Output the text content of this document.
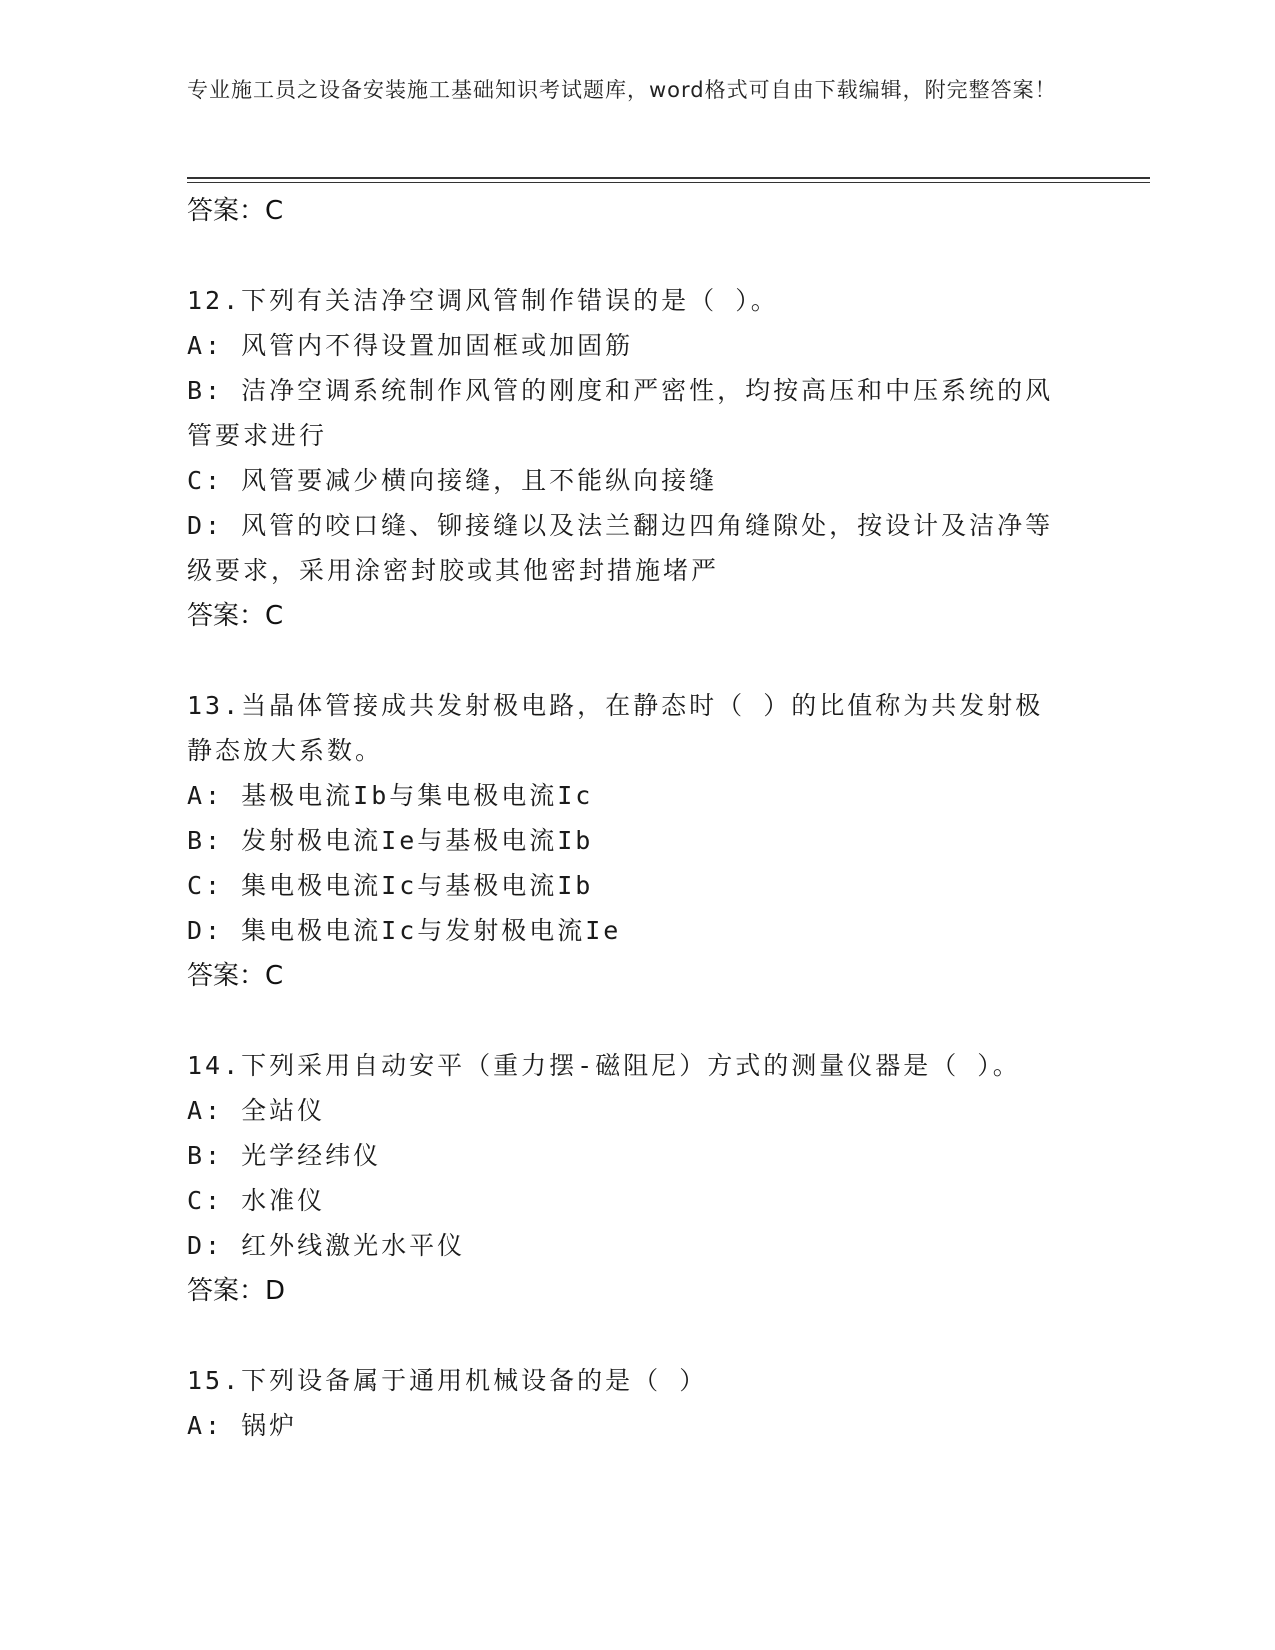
专业施工员之设备安装施工基础知识考试题库，word格式可自由下载编辑，附完整答案！
答案：C
12.下列有关洁净空调风管制作错误的是（ ）。
A: 风管内不得设置加固框或加固筋
B: 洁净空调系统制作风管的刚度和严密性，均按高压和中压系统的风
管要求进行
C: 风管要减少横向接缝，且不能纵向接缝
D: 风管的咬口缝、铆接缝以及法兰翻边四角缝隙处，按设计及洁净等
级要求，采用涂密封胶或其他密封措施堵严
答案：C
13.当晶体管接成共发射极电路，在静态时（ ）的比值称为共发射极
静态放大系数。
A: 基极电流Ib与集电极电流Ic
B: 发射极电流Ie与基极电流Ib
C: 集电极电流Ic与基极电流Ib
D: 集电极电流Ic与发射极电流Ie
答案：C
14.下列采用自动安平（重力摆-磁阻尼）方式的测量仪器是（ ）。
A: 全站仪
B: 光学经纬仪
C: 水准仪
D: 红外线激光水平仪
答案：D
15.下列设备属于通用机械设备的是（ ）
A: 锅炉
